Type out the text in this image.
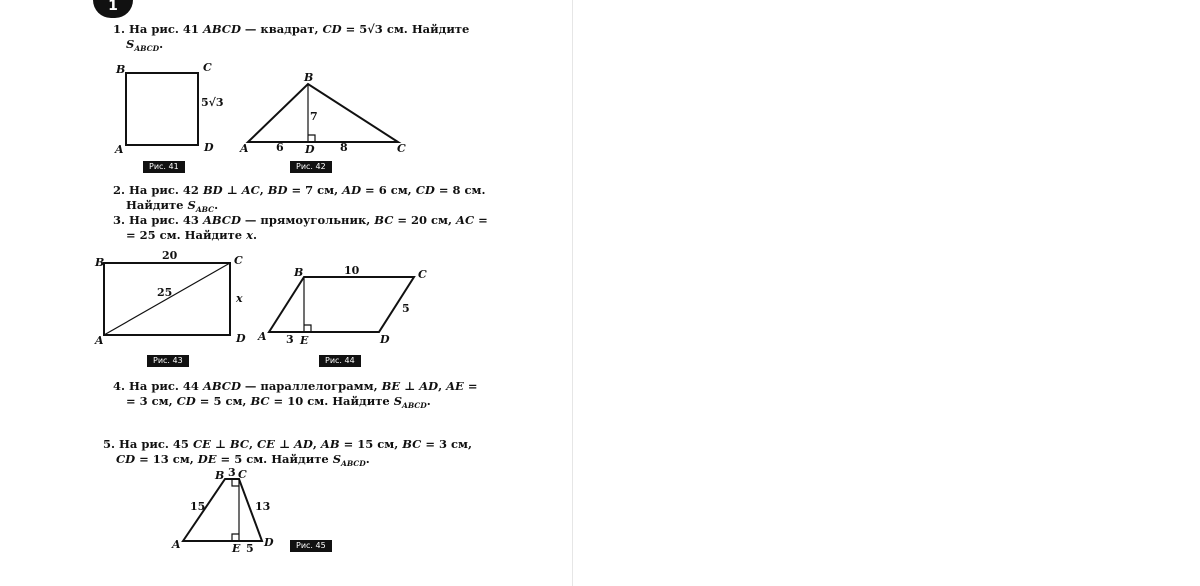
1
1. На рис. 41 ABCD — квадрат, CD = 5√3 см. Найдите
$S_{ABCD}$.
B	C
A	D
5√3
Рис. 41
B
A	D	C
7
6	8
Рис. 42
2. На рис. 42 BD ⊥ AC, BD = 7 см, AD = 6 см, CD = 8 см.
Найдите $S_{ABC}$.
3. На рис. 43 ABCD — прямоугольник, BC = 20 см, AC =
= 25 см. Найдите x.
B	C
A	D
20
25	x
Рис. 43
B	C
A	D
E
10
5
3
Рис. 44
4. На рис. 44 ABCD — параллелограмм, BE ⊥ AD, AE =
= 3 см, CD = 5 см, BC = 10 см. Найдите $S_{ABCD}$.
5. На рис. 45 CE ⊥ BC, CE ⊥ AD, AB = 15 см, BC = 3 см,
CD = 13 см, DE = 5 см. Найдите $S_{ABCD}$.
B C
A	D
E
3
15	13
5	Рис. 45
